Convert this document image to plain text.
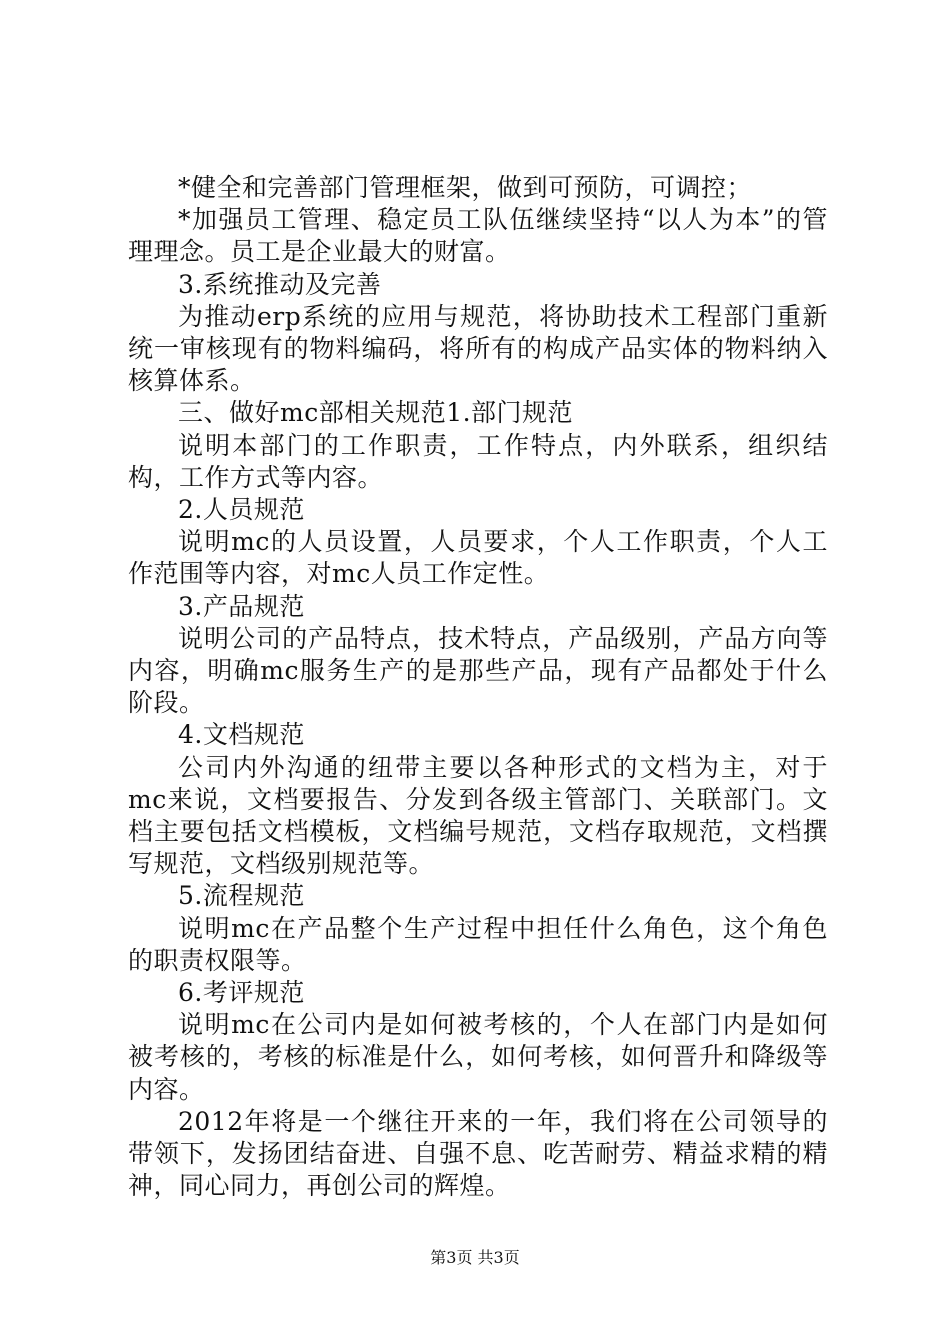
*健全和完善部门管理框架，做到可预防，可调控；

*加强员工管理、稳定员工队伍继续坚持“以人为本”的管理理念。员工是企业最大的财富。

3.系统推动及完善

为推动erp系统的应用与规范，将协助技术工程部门重新统一审核现有的物料编码，将所有的构成产品实体的物料纳入核算体系。

三、做好mc部相关规范1.部门规范

说明本部门的工作职责，工作特点，内外联系，组织结构，工作方式等内容。

2.人员规范

说明mc的人员设置，人员要求，个人工作职责，个人工作范围等内容，对mc人员工作定性。

3.产品规范

说明公司的产品特点，技术特点，产品级别，产品方向等内容，明确mc服务生产的是那些产品，现有产品都处于什么阶段。

4.文档规范

公司内外沟通的纽带主要以各种形式的文档为主，对于mc来说，文档要报告、分发到各级主管部门、关联部门。文档主要包括文档模板，文档编号规范，文档存取规范，文档撰写规范，文档级别规范等。

5.流程规范

说明mc在产品整个生产过程中担任什么角色，这个角色的职责权限等。

6.考评规范

说明mc在公司内是如何被考核的，个人在部门内是如何被考核的，考核的标准是什么，如何考核，如何晋升和降级等内容。

2012年将是一个继往开来的一年，我们将在公司领导的带领下，发扬团结奋进、自强不息、吃苦耐劳、精益求精的精神，同心同力，再创公司的辉煌。

第3页 共3页
